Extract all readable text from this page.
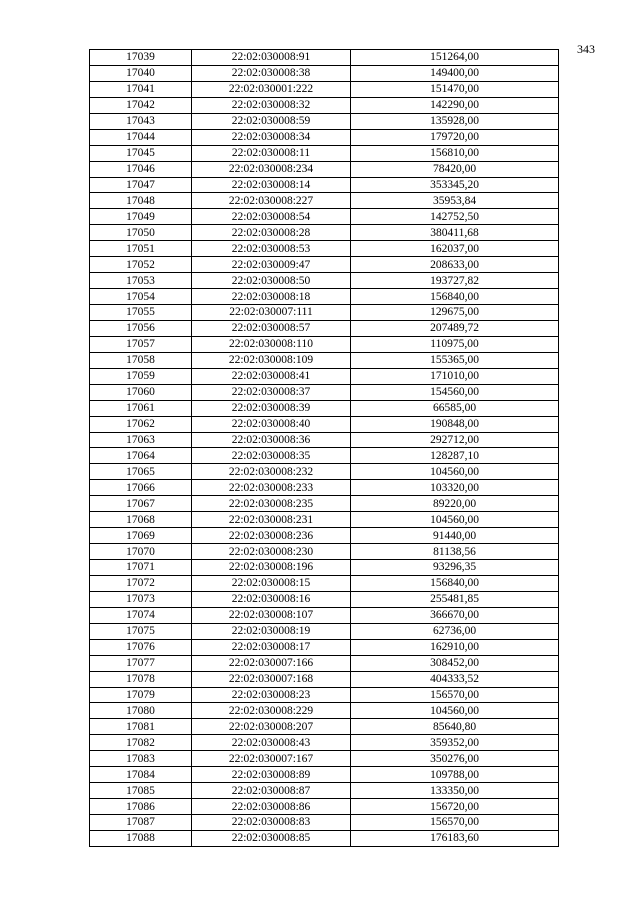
343
17039	22:02:030008:91	151264,00
17040	22:02:030008:38	149400,00
17041	22:02:030001:222	151470,00
17042	22:02:030008:32	142290,00
17043	22:02:030008:59	135928,00
17044	22:02:030008:34	179720,00
17045	22:02:030008:11	156810,00
17046	22:02:030008:234	78420,00
17047	22:02:030008:14	353345,20
17048	22:02:030008:227	35953,84
17049	22:02:030008:54	142752,50
17050	22:02:030008:28	380411,68
17051	22:02:030008:53	162037,00
17052	22:02:030009:47	208633,00
17053	22:02:030008:50	193727,82
17054	22:02:030008:18	156840,00
17055	22:02:030007:111	129675,00
17056	22:02:030008:57	207489,72
17057	22:02:030008:110	110975,00
17058	22:02:030008:109	155365,00
17059	22:02:030008:41	171010,00
17060	22:02:030008:37	154560,00
17061	22:02:030008:39	66585,00
17062	22:02:030008:40	190848,00
17063	22:02:030008:36	292712,00
17064	22:02:030008:35	128287,10
17065	22:02:030008:232	104560,00
17066	22:02:030008:233	103320,00
17067	22:02:030008:235	89220,00
17068	22:02:030008:231	104560,00
17069	22:02:030008:236	91440,00
17070	22:02:030008:230	81138,56
17071	22:02:030008:196	93296,35
17072	22:02:030008:15	156840,00
17073	22:02:030008:16	255481,85
17074	22:02:030008:107	366670,00
17075	22:02:030008:19	62736,00
17076	22:02:030008:17	162910,00
17077	22:02:030007:166	308452,00
17078	22:02:030007:168	404333,52
17079	22:02:030008:23	156570,00
17080	22:02:030008:229	104560,00
17081	22:02:030008:207	85640,80
17082	22:02:030008:43	359352,00
17083	22:02:030007:167	350276,00
17084	22:02:030008:89	109788,00
17085	22:02:030008:87	133350,00
17086	22:02:030008:86	156720,00
17087	22:02:030008:83	156570,00
17088	22:02:030008:85	176183,60
